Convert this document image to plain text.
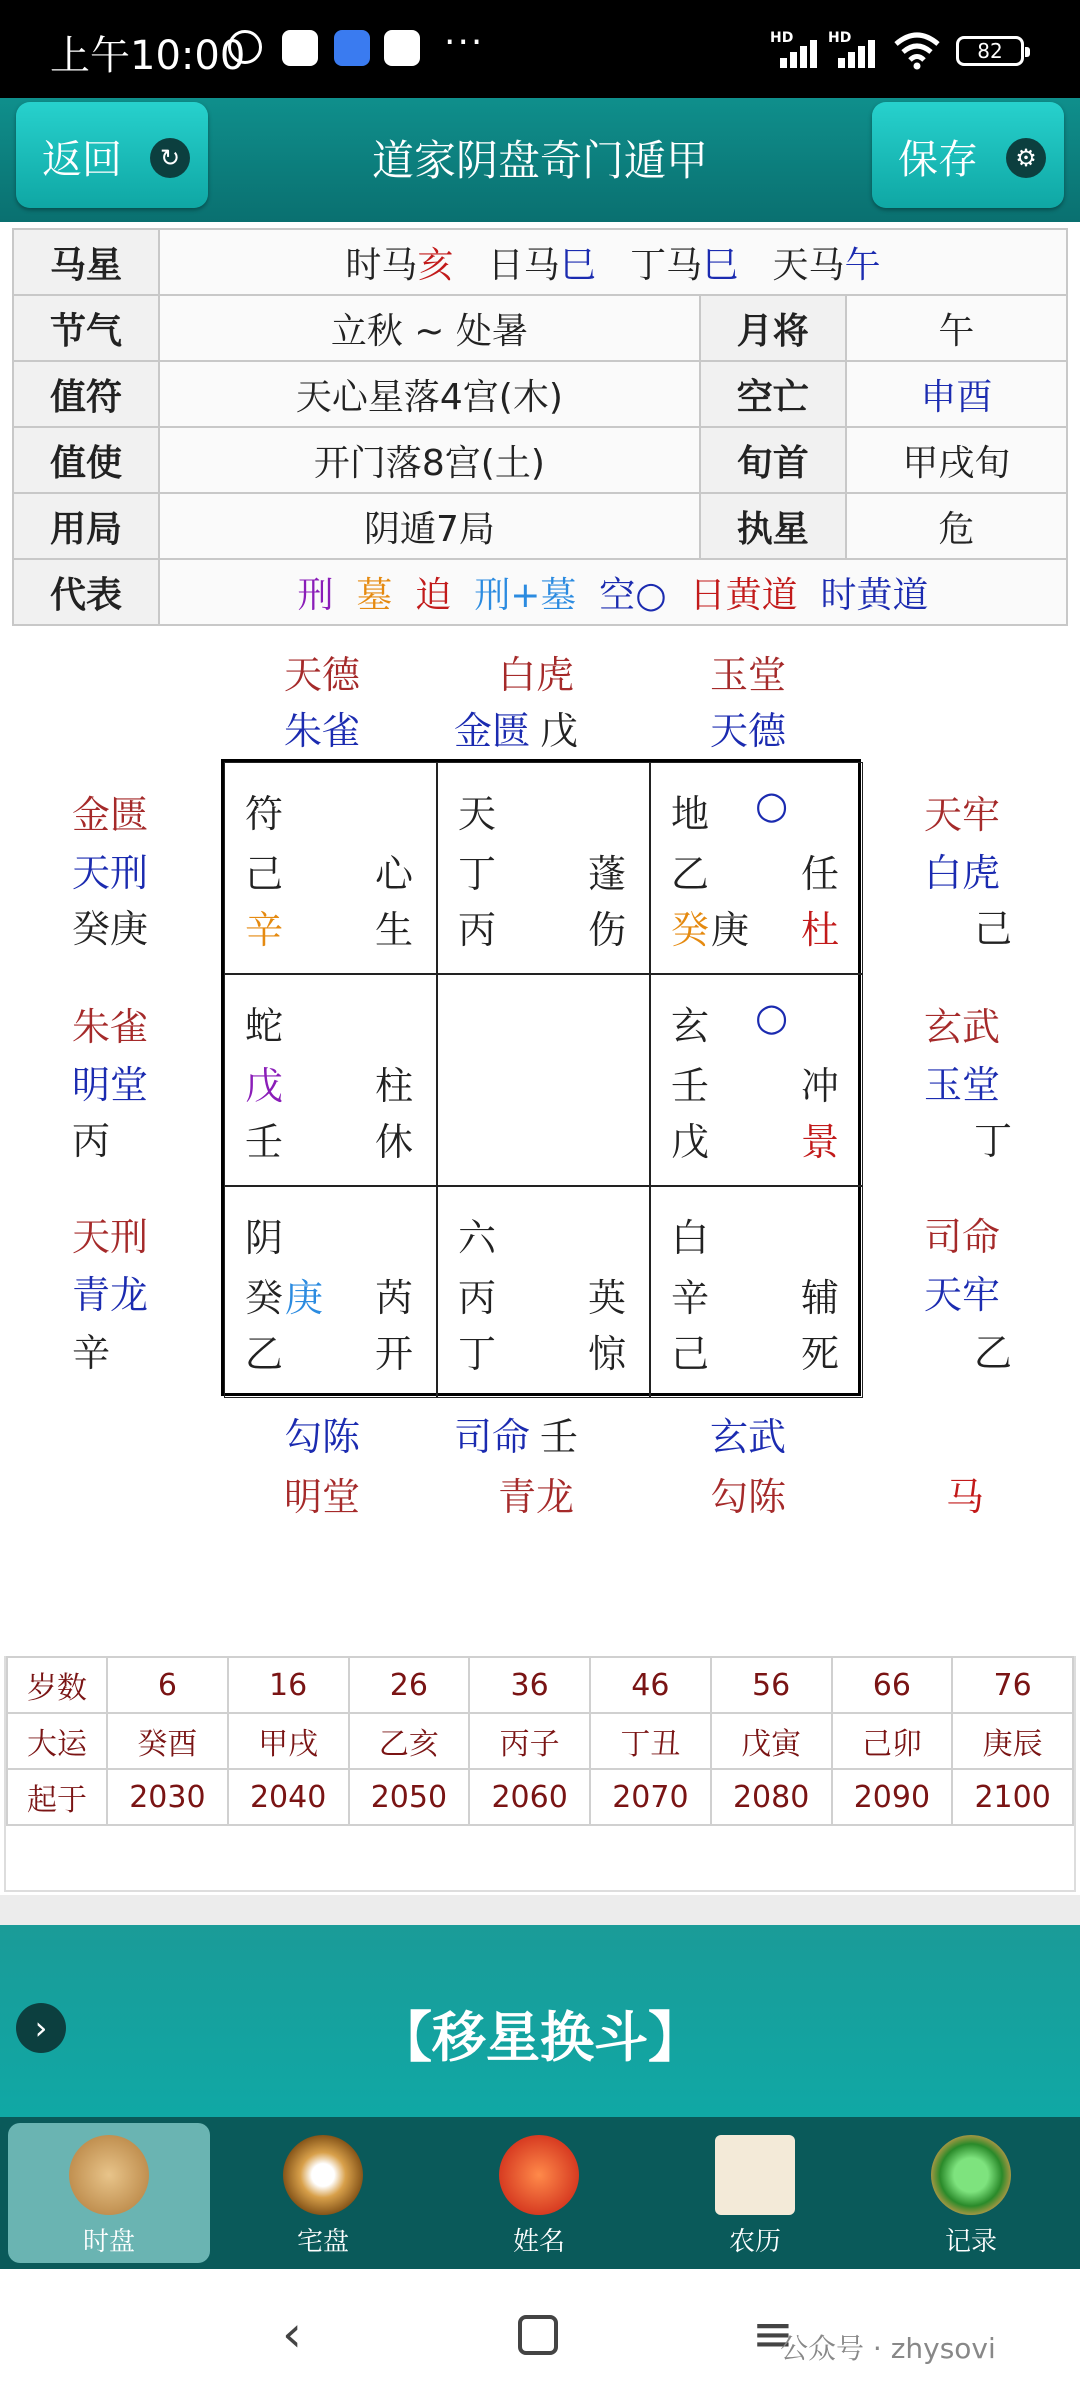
上午10:00	···	HD HD
82
返回	↻	道家阴盘奇门遁甲	保存	⚙
马星	时马亥 日马巳 丁马巳 天马午		
节气	立秋 ~ 处暑	月将	午
值符	天心星落4宫(木)	空亡	申酉
值使	开门落8宫(土)	旬首	甲戌旬
用局	阴遁7局	执星	危
代表	刑 墓 迫 刑+墓 空○ 日黄道 时黄道		
天德	白虎	玉堂
朱雀 金匮 戊	天德
金匮
天刑
癸庚
朱雀
明堂
丙
天刑
青龙
辛
天牢
白虎
己
玄武
玉堂
丁
司命
天牢
乙
符
己 心
辛 生
天
丁 蓬
丙 伤
地 ○
乙 任
癸 庚 杜
蛇
戊 柱
壬 休
玄 ○
壬 冲
戊 景
阴
癸 庚 芮
乙 开
六
丙 英
丁 惊
白
辛 辅
己 死
勾陈 司命 壬	玄武
明堂	青龙	勾陈	马
岁数	6	16	26	36	46	56	66	76
大运	癸酉	甲戌	乙亥	丙子	丁丑	戊寅	己卯	庚辰
起于	2030	2040	2050	2060	2070	2080	2090	2100
›	【移星换斗】
时盘	宅盘	姓名	农历	记录
‹	≡
公众号 · zhysovi
